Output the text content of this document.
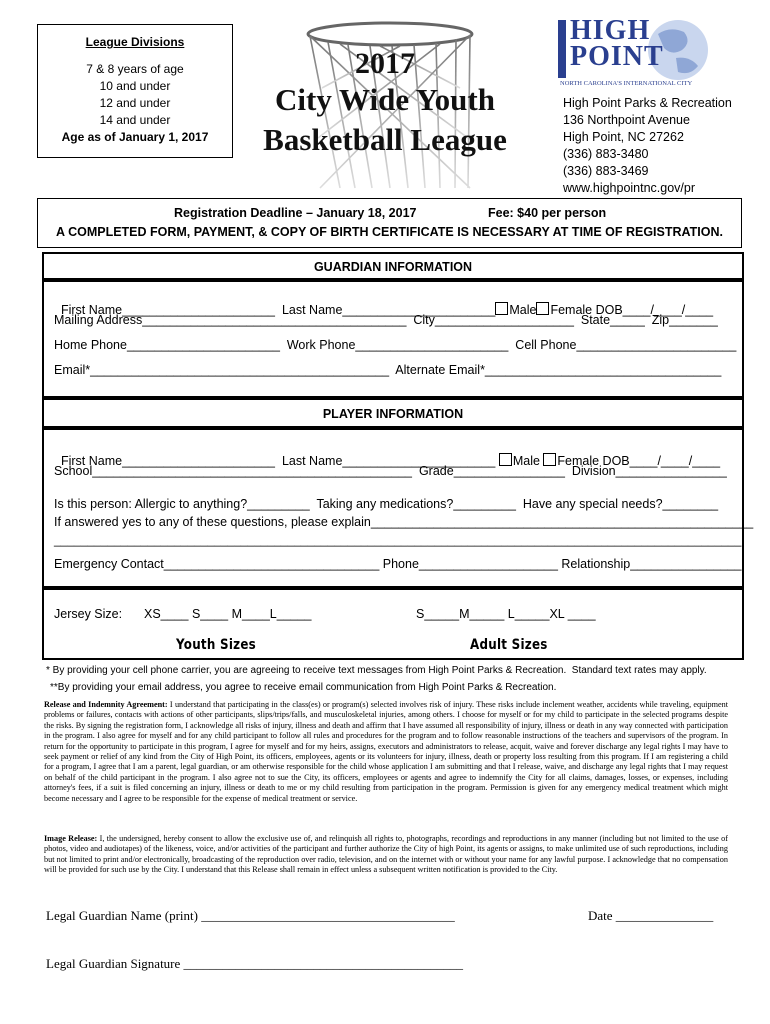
League Divisions
7 & 8 years of age
10 and under
12 and under
14 and under
Age as of January 1, 2017
2017
City Wide Youth
Basketball League
HIGH
POINT
NORTH CAROLINA'S INTERNATIONAL CITY
High Point Parks & Recreation
136 Northpoint Avenue
High Point, NC 27262
(336) 883-3480
(336) 883-3469
www.highpointnc.gov/pr
Registration Deadline – January 18, 2017	Fee: $40 per person
A COMPLETED FORM, PAYMENT, & COPY OF BIRTH CERTIFICATE IS NECESSARY AT TIME OF REGISTRATION.
GUARDIAN INFORMATION

First Name______________________  Last Name______________________ Male Female DOB____/____/____

Mailing Address______________________________________  City____________________  State_____  Zip_______
Home Phone______________________  Work Phone______________________  Cell Phone_______________________
Email*___________________________________________  Alternate Email*__________________________________
PLAYER INFORMATION

First Name______________________  Last Name______________________ Male Female DOB____/____/____

School______________________________________________  Grade________________  Division________________
Is this person: Allergic to anything?_________  Taking any medications?_________  Have any special needs?________
If answered yes to any of these questions, please explain_______________________________________________________
_______________________________________________________________________________________________________
Emergency Contact_______________________________ Phone____________________ Relationship________________
Jersey Size: XS____ S____ M____L_____	S_____M_____ L_____XL ____
Youth Sizes	Adult Sizes
* By providing your cell phone carrier, you are agreeing to receive text messages from High Point Parks & Recreation.  Standard text rates may apply.
**By providing your email address, you agree to receive email communication from High Point Parks & Recreation.
Release and Indemnity Agreement: I understand that participating in the class(es) or program(s) selected involves risk of injury. These risks include inclement weather, accidents while traveling, equipment problems or failures, contacts with actions of other participants, slips/trips/falls, and musculoskeletal injuries, among others. I choose for myself or for my child to participate in the selected programs despite the risks. By signing the registration form, I acknowledge all risks of injury, illness and death and affirm that I have assumed all responsibility of injury, illness or death in any way connected with participation in the program. I also agree for myself and for any child participant to follow all rules and procedures for the program and to follow reasonable instructions of the teachers and supervisors of the program. In return for the opportunity to participate in this program, I agree for myself and for my heirs, assigns, executors and administrators to release, acquit, waive and forever discharge any legal rights I may have to seek payment or relief of any kind from the City of High Point, its officers, employees, agents or its volunteers for injury, illness, death or property loss resulting from this program. If I am registering a child for a program, I agree that I am a parent, legal guardian, or am otherwise responsible for the child whose application I am submitting and that I release, waive, and discharge any legal rights that I may request on behalf of the child participant in the program. I also agree not to sue the City, its officers, employees or agents and agree to indemnify the City for all claims, damages, losses, or expenses, including attorney's fees, if a suit is filed concerning an injury, illness or death to me or my child resulting from participation in the program. Permission is given for any emergency medical treatment which might become necessary and I agree to be responsible for the expense of medical treatment or service.
Image Release: I, the undersigned, hereby consent to allow the exclusive use of, and relinquish all rights to, photographs, recordings and reproductions in any manner (including but not limited to the use of photos, video and audiotapes) of the likeness, voice, and/or activities of the participant and further authorize the City of high Point, its agents or assigns, to make unlimited use of such reproductions, including but not limited to print and/or electronically, broadcasting of the reproduction over radio, television, and on the internet with or without your name for any lawful purpose. I acknowledge that no compensation will be provided for such use by the City. I understand that this Release shall remain in effect unless a subsequent written notification is provided to the City.
Legal Guardian Name (print) _______________________________________	Date _______________
Legal Guardian Signature ___________________________________________
